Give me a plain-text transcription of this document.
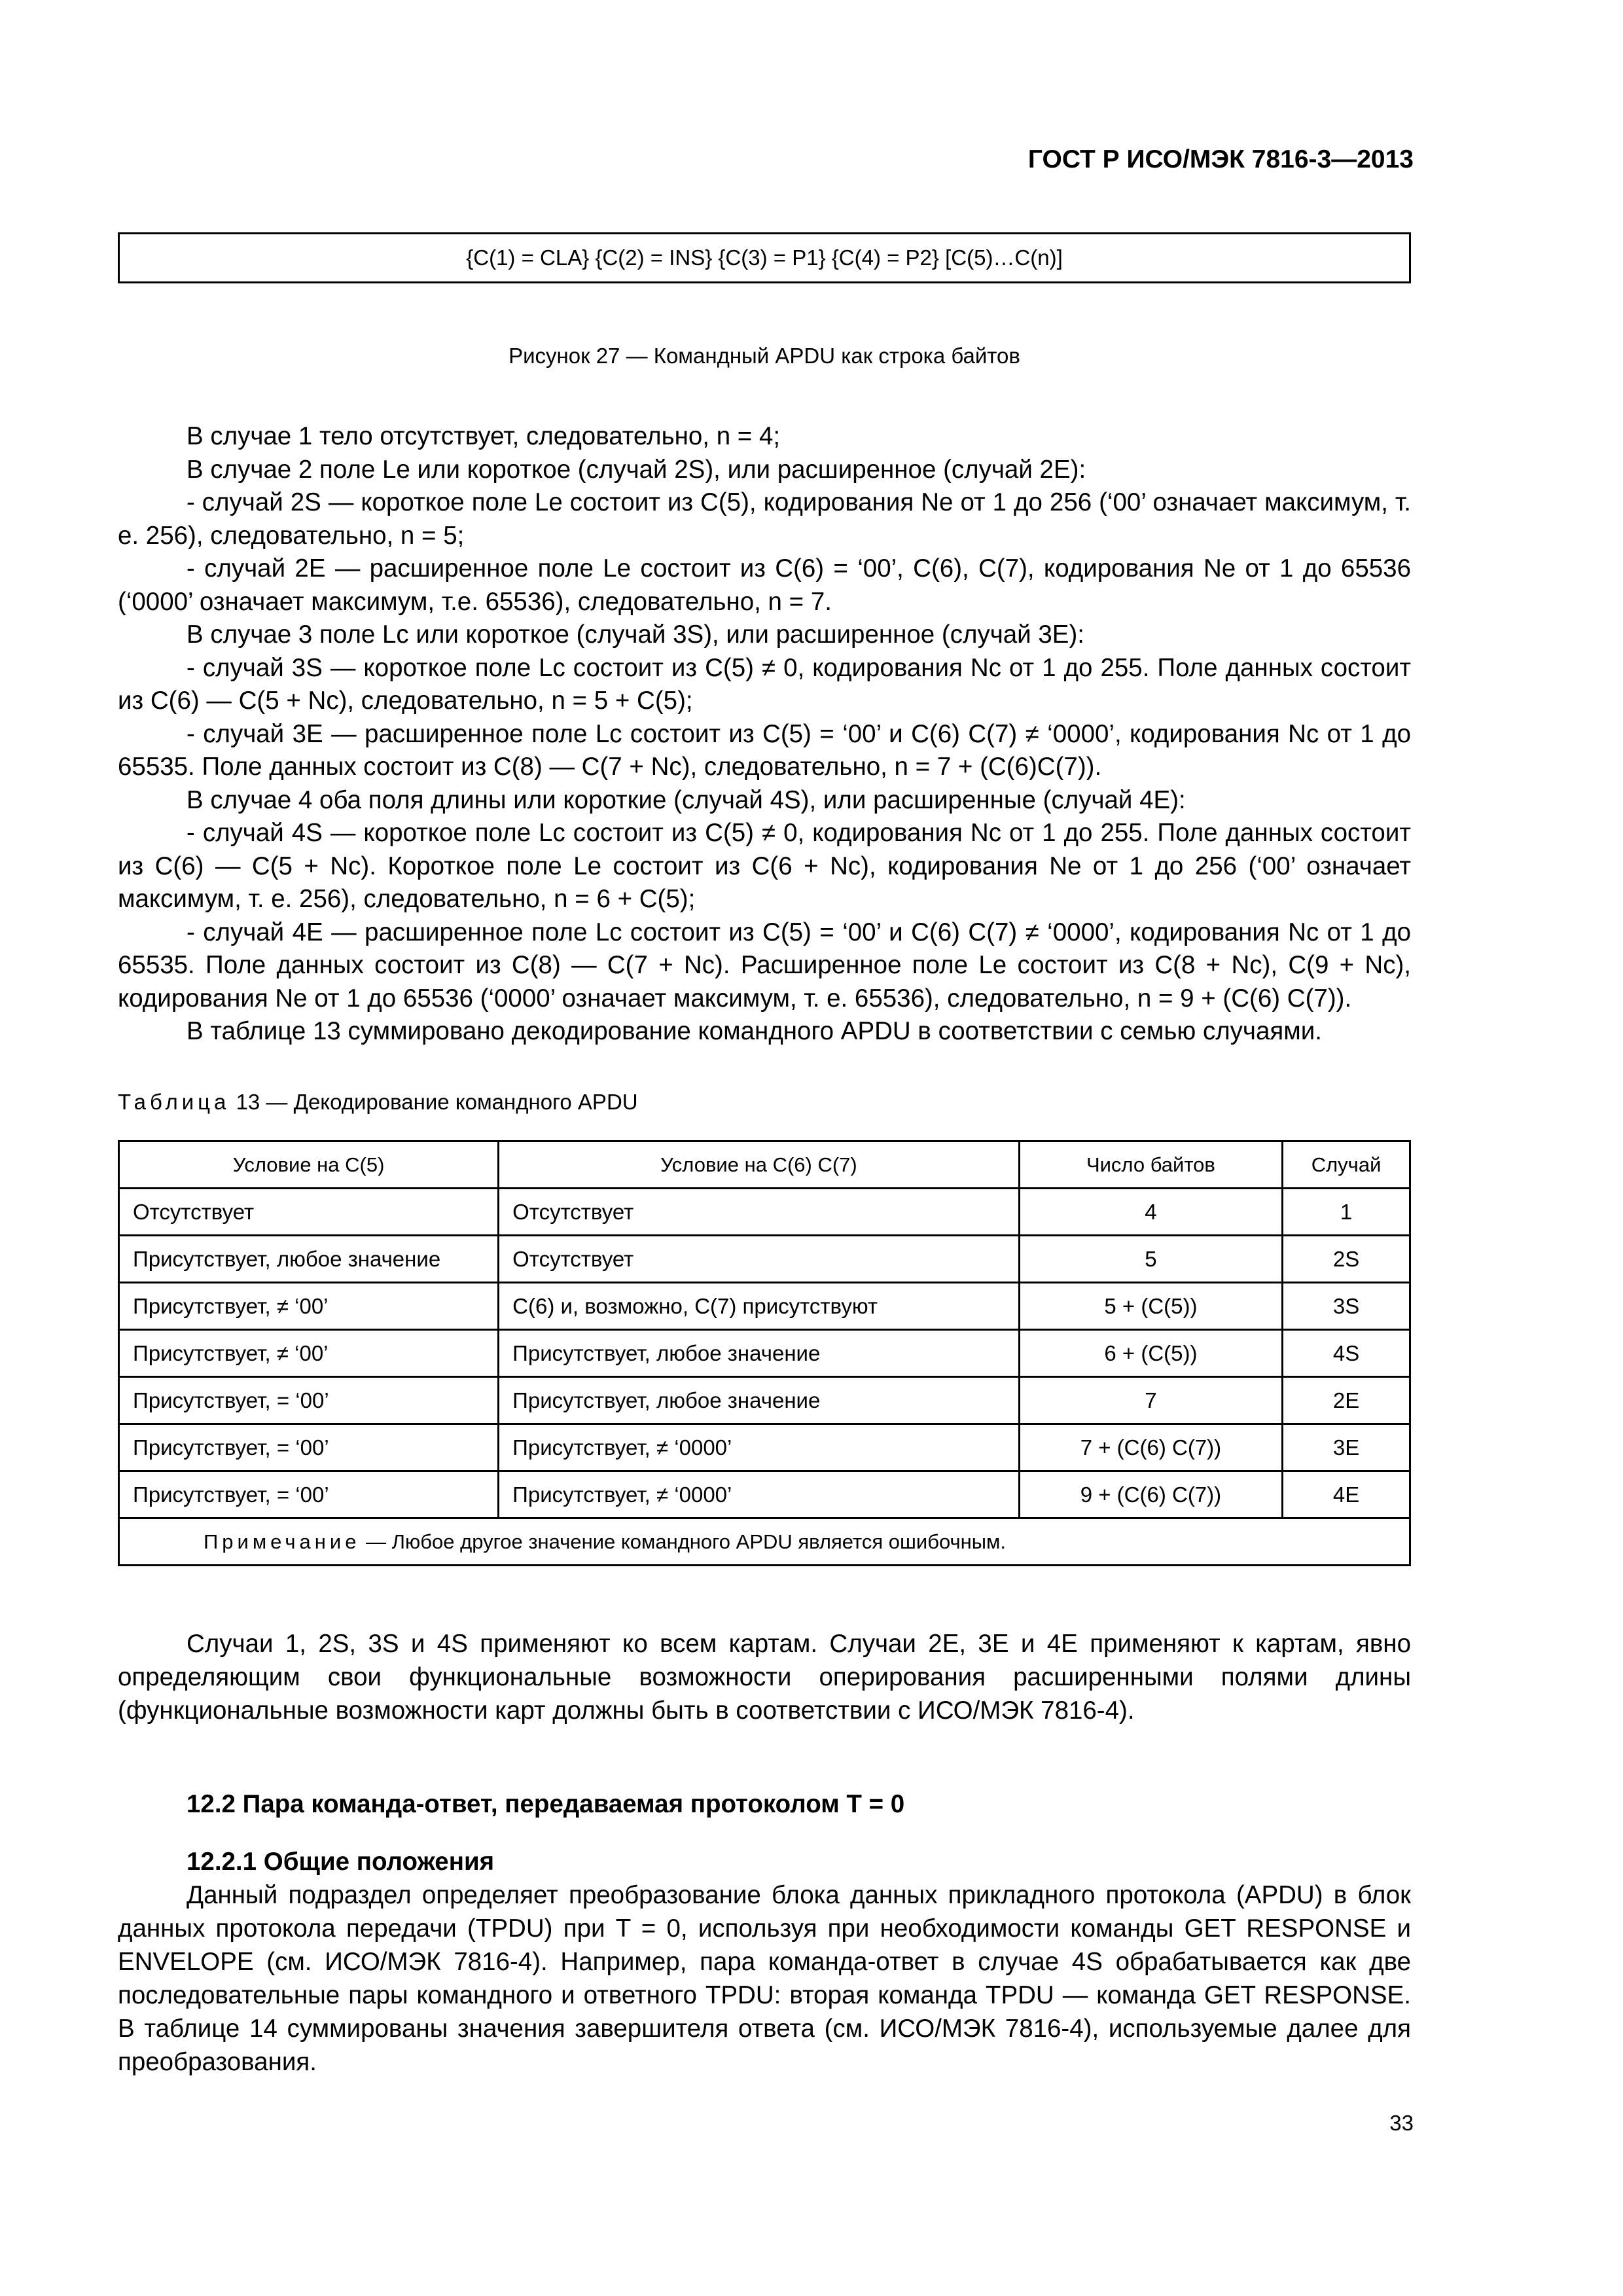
ГОСТ Р ИСО/МЭК 7816-3—2013
{C(1) = CLA} {C(2) = INS} {C(3) = P1} {C(4) = P2} [C(5)…C(n)]
Рисунок 27 — Командный APDU как строка байтов

В случае 1 тело отсутствует, следовательно, n = 4;

В случае 2 поле Le или короткое (случай 2S), или расширенное (случай 2E):

- случай 2S — короткое поле Le состоит из C(5), кодирования Ne от 1 до 256 (‘00’ означает максимум, т. е. 256), следовательно, n = 5;

- случай 2E — расширенное поле Le состоит из C(6) = ‘00’, C(6), C(7), кодирования Ne от 1 до 65536 (‘0000’ означает максимум, т.е. 65536), следовательно, n = 7.

В случае 3 поле Lc или короткое (случай 3S), или расширенное (случай 3E):

- случай 3S — короткое поле Lc состоит из C(5) ≠ 0, кодирования Nc от 1 до 255. Поле данных состоит из C(6) — C(5 + Nc), следовательно, n = 5 + C(5);

- случай 3E — расширенное поле Lc состоит из C(5) = ‘00’ и C(6) C(7) ≠ ‘0000’, кодирования Nc от 1 до 65535. Поле данных состоит из C(8) — C(7 + Nc), следовательно, n = 7 + (C(6)C(7)).

В случае 4 оба поля длины или короткие (случай 4S), или расширенные (случай 4E):

- случай 4S — короткое поле Lc состоит из C(5) ≠ 0, кодирования Nc от 1 до 255. Поле данных состоит из C(6) — C(5 + Nc). Короткое поле Le состоит из C(6 + Nc), кодирования Ne от 1 до 256 (‘00’ означает максимум, т. е. 256), следовательно, n = 6 + C(5);

- случай 4E — расширенное поле Lc состоит из C(5) = ‘00’ и C(6) C(7) ≠ ‘0000’, кодирования Nc от 1 до 65535. Поле данных состоит из C(8) — C(7 + Nc). Расширенное поле Le состоит из C(8 + Nc), C(9 + Nc), кодирования Ne от 1 до 65536 (‘0000’ означает максимум, т. е. 65536), следовательно, n = 9 + (C(6) C(7)).

В таблице 13 суммировано декодирование командного APDU в соответствии с семью случаями.

Таблица 13 — Декодирование командного APDU
Условие на C(5)	Условие на C(6) C(7)	Число байтов	Случай
Отсутствует	Отсутствует	4	1
Присутствует, любое значение	Отсутствует	5	2S
Присутствует, ≠ ‘00’	C(6) и, возможно, C(7) присутствуют	5 + (C(5))	3S
Присутствует, ≠ ‘00’	Присутствует, любое значение	6 + (C(5))	4S
Присутствует, = ‘00’	Присутствует, любое значение	7	2E
Присутствует, = ‘00’	Присутствует, ≠ ‘0000’	7 + (C(6) C(7))	3E
Присутствует, = ‘00’	Присутствует, ≠ ‘0000’	9 + (C(6) C(7))	4E
Примечание — Любое другое значение командного APDU является ошибочным.			

Случаи 1, 2S, 3S и 4S применяют ко всем картам. Случаи 2E, 3E и 4E применяют к картам, явно определяющим свои функциональные возможности оперирования расширенными полями длины (функциональные возможности карт должны быть в соответствии с ИСО/МЭК 7816-4).

12.2 Пара команда-ответ, передаваемая протоколом T = 0
12.2.1 Общие положения

Данный подраздел определяет преобразование блока данных прикладного протокола (APDU) в блок данных протокола передачи (TPDU) при T = 0, используя при необходимости команды GET RESPONSE и ENVELOPE (см. ИСО/МЭК 7816-4). Например, пара команда-ответ в случае 4S обрабатывается как две последовательные пары командного и ответного TPDU: вторая команда TPDU — команда GET RESPONSE. В таблице 14 суммированы значения завершителя ответа (см. ИСО/МЭК 7816-4), используемые далее для преобразования.

33
